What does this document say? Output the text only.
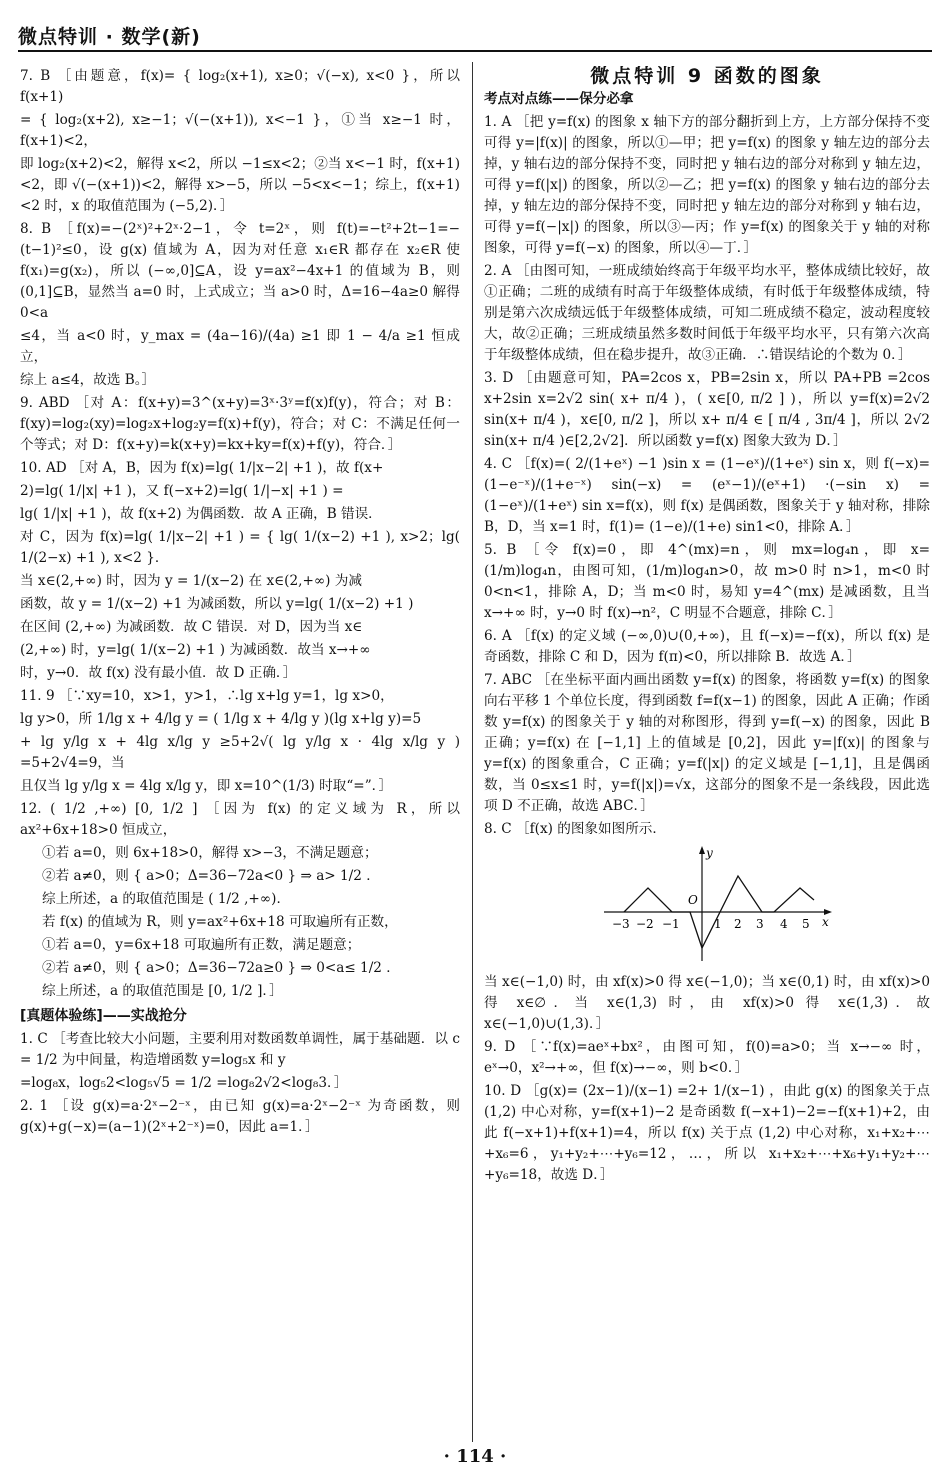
微点特训 · 数学(新)
7. B ［由题意，f(x)= { log₂(x+1), x≥0；√(−x), x<0 }，所以 f(x+1)
= { log₂(x+2), x≥−1；√(−(x+1)), x<−1 }，①当 x≥−1 时，f(x+1)<2，
即 log₂(x+2)<2，解得 x<2，所以 −1≤x<2；②当 x<−1 时，f(x+1)<2，即 √(−(x+1))<2，解得 x>−5，所以 −5<x<−1；综上，f(x+1)<2 时，x 的取值范围为 (−5,2)．］
8. B ［f(x)=−(2ˣ)²+2ˣ·2−1，令 t=2ˣ，则 f(t)=−t²+2t−1=−(t−1)²≤0，设 g(x) 值域为 A，因为对任意 x₁∈R 都存在 x₂∈R 使 f(x₁)=g(x₂)，所以 (−∞,0]⊆A，设 y=ax²−4x+1 的值域为 B，则 (0,1]⊆B，显然当 a=0 时，上式成立；当 a>0 时，Δ=16−4a≥0 解得 0<a
≤4，当 a<0 时，y_max = (4a−16)/(4a) ≥1 即 1 − 4/a ≥1 恒成立，
综上 a≤4，故选 B。］
9. ABD ［对 A：f(x+y)=3^(x+y)=3ˣ·3ʸ=f(x)f(y)，符合；对 B：f(xy)=log₂(xy)=log₂x+log₂y=f(x)+f(y)，符合；对 C：不满足任何一个等式；对 D：f(x+y)=k(x+y)=kx+ky=f(x)+f(y)，符合．］
10. AD ［对 A，B，因为 f(x)=lg( 1/|x−2| +1 )，故 f(x+
2)=lg( 1/|x| +1 )，又 f(−x+2)=lg( 1/|−x| +1 ) =
lg( 1/|x| +1 )，故 f(x+2) 为偶函数．故 A 正确，B 错误．
对 C，因为 f(x)=lg( 1/|x−2| +1 ) = { lg( 1/(x−2) +1 ), x>2；lg( 1/(2−x) +1 ), x<2 }．
当 x∈(2,+∞) 时，因为 y = 1/(x−2) 在 x∈(2,+∞) 为减
函数，故 y = 1/(x−2) +1 为减函数，所以 y=lg( 1/(x−2) +1 )
在区间 (2,+∞) 为减函数．故 C 错误．对 D，因为当 x∈
(2,+∞) 时，y=lg( 1/(x−2) +1 ) 为减函数．故当 x→+∞
时，y→0．故 f(x) 没有最小值．故 D 正确．］
11. 9 ［∵xy=10，x>1，y>1，∴lg x+lg y=1，lg x>0，
lg y>0，所 1/lg x + 4/lg y = ( 1/lg x + 4/lg y )(lg x+lg y)=5
+ lg y/lg x + 4lg x/lg y ≥5+2√( lg y/lg x · 4lg x/lg y ) =5+2√4=9，当
且仅当 lg y/lg x = 4lg x/lg y，即 x=10^(1/3) 时取“=”．］
12. ( 1/2 ,+∞) [0, 1/2 ] ［因为 f(x) 的定义域为 R，所以 ax²+6x+18>0 恒成立，
①若 a=0，则 6x+18>0，解得 x>−3，不满足题意；
②若 a≠0，则 { a>0；Δ=36−72a<0 } ⇒ a> 1/2 ．
综上所述，a 的取值范围是 ( 1/2 ,+∞)．
若 f(x) 的值域为 R，则 y=ax²+6x+18 可取遍所有正数，
①若 a=0，y=6x+18 可取遍所有正数，满足题意；
②若 a≠0，则 { a>0；Δ=36−72a≥0 } ⇒ 0<a≤ 1/2 ．
综上所述，a 的取值范围是 [0, 1/2 ]．］
[真题体验练]——实战抢分
1. C ［考查比较大小问题，主要利用对数函数单调性，属于基础题．以 c = 1/2 为中间量，构造增函数 y=log₅x 和 y
=log₈x，log₅2<log₅√5 = 1/2 =log₈2√2<log₈3．］
2. 1 ［设 g(x)=a·2ˣ−2⁻ˣ，由已知 g(x)=a·2ˣ−2⁻ˣ 为奇函数，则 g(x)+g(−x)=(a−1)(2ˣ+2⁻ˣ)=0，因此 a=1．］
微点特训 9 函数的图象
考点对点练——保分必拿
1. A ［把 y=f(x) 的图象 x 轴下方的部分翻折到上方，上方部分保持不变可得 y=|f(x)| 的图象，所以①—甲；把 y=f(x) 的图象 y 轴左边的部分去掉，y 轴右边的部分保持不变，同时把 y 轴右边的部分对称到 y 轴左边，可得 y=f(|x|) 的图象，所以②—乙；把 y=f(x) 的图象 y 轴右边的部分去掉，y 轴左边的部分保持不变，同时把 y 轴左边的部分对称到 y 轴右边，可得 y=f(−|x|) 的图象，所以③—丙；作 y=f(x) 的图象关于 y 轴的对称图象，可得 y=f(−x) 的图象，所以④—丁．］
2. A ［由图可知，一班成绩始终高于年级平均水平，整体成绩比较好，故①正确；二班的成绩有时高于年级整体成绩，有时低于年级整体成绩，特别是第六次成绩远低于年级整体成绩，可知二班成绩不稳定，波动程度较大，故②正确；三班成绩虽然多数时间低于年级平均水平，只有第六次高于年级整体成绩，但在稳步提升，故③正确．∴错误结论的个数为 0．］
3. D ［由题意可知，PA=2cos x，PB=2sin x，所以 PA+PB =2cos x+2sin x=2√2 sin( x+ π/4 )，( x∈[0, π/2 ] )，所以 y=f(x)=2√2 sin(x+ π/4 )，x∈[0, π/2 ]，所以 x+ π/4 ∈ [ π/4 , 3π/4 ]，所以 2√2 sin(x+ π/4 )∈[2,2√2]．所以函数 y=f(x) 图象大致为 D．］
4. C ［f(x)=( 2/(1+eˣ) −1 )sin x = (1−eˣ)/(1+eˣ) sin x，则 f(−x)= (1−e⁻ˣ)/(1+e⁻ˣ) sin(−x) = (eˣ−1)/(eˣ+1) ·(−sin x) = (1−eˣ)/(1+eˣ) sin x=f(x)，则 f(x) 是偶函数，图象关于 y 轴对称，排除 B，D，当 x=1 时，f(1)= (1−e)/(1+e) sin1<0，排除 A．］
5. B ［令 f(x)=0，即 4^(mx)=n，则 mx=log₄n，即 x= (1/m)log₄n，由图可知，(1/m)log₄n>0，故 m>0 时 n>1，m<0 时 0<n<1，排除 A，D；当 m<0 时，易知 y=4^(mx) 是减函数，且当 x→+∞ 时，y→0 时 f(x)→n²，C 明显不合题意，排除 C．］
6. A ［f(x) 的定义域 (−∞,0)∪(0,+∞)，且 f(−x)=−f(x)，所以 f(x) 是奇函数，排除 C 和 D，因为 f(π)<0，所以排除 B．故选 A．］
7. ABC ［在坐标平面内画出函数 y=f(x) 的图象，将函数 y=f(x) 的图象向右平移 1 个单位长度，得到函数 f=f(x−1) 的图象，因此 A 正确；作函数 y=f(x) 的图象关于 y 轴的对称图形，得到 y=f(−x) 的图象，因此 B 正确；y=f(x) 在 [−1,1] 上的值域是 [0,2]，因此 y=|f(x)| 的图象与 y=f(x) 的图象重合，C 正确；y=f(|x|) 的定义域是 [−1,1]，且是偶函数，当 0≤x≤1 时，y=f(|x|)=√x，这部分的图象不是一条线段，因此选项 D 不正确，故选 ABC．］
8. C ［f(x) 的图象如图所示．
y
x
O
−3 −2 −1	1 2 3 4 5
当 x∈(−1,0) 时，由 xf(x)>0 得 x∈(−1,0)；当 x∈(0,1) 时，由 xf(x)>0 得 x∈∅．当 x∈(1,3) 时，由 xf(x)>0 得 x∈(1,3)．故 x∈(−1,0)∪(1,3)．］
9. D ［∵f(x)=aeˣ+bx²，由图可知，f(0)=a>0；当 x→−∞ 时，eˣ→0，x²→+∞，但 f(x)→−∞，则 b<0．］
10. D ［g(x)= (2x−1)/(x−1) =2+ 1/(x−1) ，由此 g(x) 的图象关于点 (1,2) 中心对称，y=f(x+1)−2 是奇函数 f(−x+1)−2=−f(x+1)+2，由此 f(−x+1)+f(x+1)=4，所以 f(x) 关于点 (1,2) 中心对称，x₁+x₂+⋯+x₆=6，y₁+y₂+⋯+y₆=12，…，所以 x₁+x₂+⋯+x₆+y₁+y₂+⋯+y₆=18，故选 D．］
· 114 ·
